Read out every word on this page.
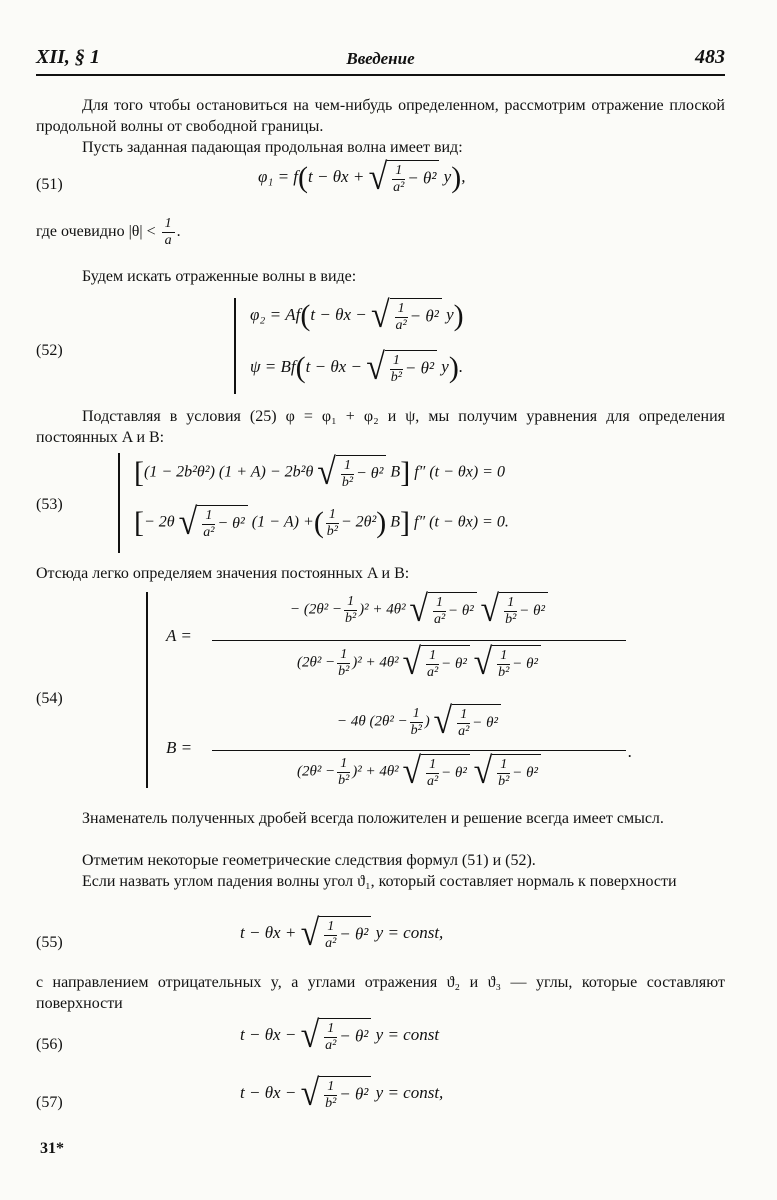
XII, § 1	Введение	483
Для того чтобы остановиться на чем-нибудь определенном, рассмотрим отражение плоской продольной волны от свободной границы.
Пусть заданная падающая продольная волна имеет вид:
(51)	φ₁ = f(t − θx + √ $\frac{1}{\text{a²}} - \theta^2$ y),
где очевидно $|\theta| < \frac{1}{a}$ .
Будем искать отраженные волны в виде:
(52)
φ₂ = Af(t − θx − √ $\frac{1}{\text{a²}} - \theta^2$ y)
ψ = Bf(t − θx − √ $\frac{1}{\text{b²}} - \theta^2$ y).
Подставляя в условия (25) φ = φ₁ + φ₂ и ψ, мы получим уравнения для определения постоянных A и B:
(53)
[(1 − 2b²θ²) (1 + A) − 2b²θ √ $\frac{1}{\text{b²}} - \theta^2$ B] f″ (t − θx) = 0
[− 2θ √ $\frac{1}{\text{a²}} - \theta^2$ (1 − A) +( $\frac{1}{\text{b²}} - 2\theta^2$) B] f″ (t − θx) = 0.
Отсюда легко определяем значения постоянных A и B:
(54)
A =
− $(2\theta^2 - \frac{1}{\text{b²}} )^2 + 4\theta^2$ √ $\frac{1}{\text{a²}} - \theta^2$ √ $\frac{1}{\text{b²}} - \theta^2$
$(2\theta^2 - \frac{1}{\text{b²}} )^2 + 4\theta^2$ √ $\frac{1}{\text{a²}} - \theta^2$ √ $\frac{1}{\text{b²}} - \theta^2$
B =
− 4θ ($2\theta^2 - \frac{1}{\text{b²}}$ ) √ $\frac{1}{\text{a²}} - \theta^2$
$(2\theta^2 - \frac{1}{\text{b²}} )^2 + 4\theta^2$ √ $\frac{1}{\text{a²}} - \theta^2$ √ $\frac{1}{\text{b²}} - \theta^2$
.
Знаменатель полученных дробей всегда положителен и решение всегда имеет смысл.
Отметим некоторые геометрические следствия формул (51) и (52).
Если назвать углом падения волны угол ϑ₁, который составляет нормаль к поверхности
(55)
t − θx + √ $\frac{1}{\text{a²}} - \theta^2$ y = const,
с направлением отрицательных y, а углами отражения ϑ₂ и ϑ₃ — углы, которые составляют поверхности
(56)
t − θx − √ $\frac{1}{\text{a²}} - \theta^2$ y = const
(57)
t − θx − √ $\frac{1}{\text{b²}} - \theta^2$ y = const,
31*
